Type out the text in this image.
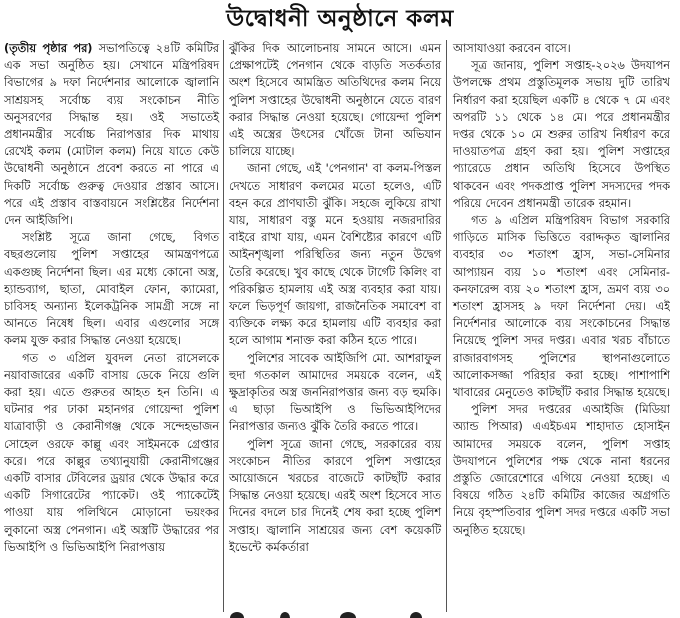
উদ্বোধনী অনুষ্ঠানে কলম

(তৃতীয় পৃষ্ঠার পর) সভাপতিত্বে ২৪টি কমিটির এক সভা অনুষ্ঠিত হয়। সেখানে মন্ত্রিপরিষদ বিভাগের ৯ দফা নির্দেশনার আলোকে জ্বালানি সাশ্রয়সহ সর্বোচ্চ ব্যয় সংকোচন নীতি অনুসরণের সিদ্ধান্ত হয়। ওই সভাতেই প্রধানমন্ত্রীর সর্বোচ্চ নিরাপত্তার দিক মাথায় রেখেই কলম (মোটাল কলম) নিয়ে যাতে কেউ উদ্বোধনী অনুষ্ঠানে প্রবেশ করতে না পারে এ দিকটি সর্বোচ্চ গুরুত্ব দেওয়ার প্রস্তাব আসে। পরে এই প্রস্তাব বাস্তবায়নে সংশ্লিষ্টের নির্দেশনা দেন আইজিপি।

সংশ্লিষ্ট সূত্রে জানা গেছে, বিগত বছরগুলোয় পুলিশ সপ্তাহের আমন্ত্রণপত্রে একগুচ্ছ নির্দেশনা ছিল। এর মধ্যে কোনো অস্ত্র, হ্যান্ডব্যাগ, ছাতা, মোবাইল ফোন, ক্যামেরা, চাবিসহ অন্যান্য ইলেকট্রনিক সামগ্রী সঙ্গে না আনতে নিষেধ ছিল। এবার এগুলোর সঙ্গে কলম যুক্ত করার সিদ্ধান্ত নেওয়া হয়েছে।

গত ৩ এপ্রিল যুবদল নেতা রাসেলকে নয়াবাজারের একটি বাসায় ডেকে নিয়ে গুলি করা হয়। এতে গুরুতর আহত হন তিনি। এ ঘটনার পর ঢাকা মহানগর গোয়েন্দা পুলিশ যাত্রাবাড়ী ও কেরানীগঞ্জ থেকে সন্দেহভাজন সোহেল ওরফে কাল্লু এবং সাইমনকে গ্রেপ্তার করে। পরে কাল্লুর তথ্যানুযায়ী কেরানীগঞ্জের একটি বাসার টেবিলের ড্রয়ার থেকে উদ্ধার করে একটি সিগারেটের প্যাকেট। ওই প্যাকেটেই পাওয়া যায় পলিথিনে মোড়ানো ভয়ংকর লুকানো অস্ত্র পেনগান। এই অস্ত্রটি উদ্ধারের পর ভিআইপি ও ভিভিআইপি নিরাপত্তায়

ঝুঁকির দিক আলোচনায় সামনে আসে। এমন প্রেক্ষাপটেই পেনগান থেকে বাড়তি সতর্কতার অংশ হিসেবে আমন্ত্রিত অতিথিদের কলম নিয়ে পুলিশ সপ্তাহের উদ্বোধনী অনুষ্ঠানে যেতে বারণ করার সিদ্ধান্ত নেওয়া হয়েছে। গোয়েন্দা পুলিশ এই অস্ত্রের উৎসের খোঁজে টানা অভিযান চালিয়ে যাচ্ছে।

জানা গেছে, এই 'পেনগান' বা কলম-পিস্তল দেখতে সাধারণ কলমের মতো হলেও, এটি বহন করে প্রাণঘাতী ঝুঁকি। সহজে লুকিয়ে রাখা যায়, সাধারণ বস্তু মনে হওয়ায় নজরদারির বাইরে রাখা যায়, এমন বৈশিষ্ট্যের কারণে এটি আইনশৃঙ্খলা পরিস্থিতির জন্য নতুন উদ্বেগ তৈরি করেছে। খুব কাছে থেকে টার্গেট কিলিং বা পরিকল্পিত হামলায় এই অস্ত্র ব্যবহার করা যায়। ফলে ভিড়পূর্ণ জায়গা, রাজনৈতিক সমাবেশ বা ব্যক্তিকে লক্ষ্য করে হামলায় এটি ব্যবহার করা হলে আগাম শনাক্ত করা কঠিন হতে পারে।

পুলিশের সাবেক আইজিপি মো. আশরাফুল হুদা গতকাল আমাদের সময়কে বলেন, এই ক্ষুদ্রাকৃতির অস্ত্র জননিরাপত্তার জন্য বড় হুমকি। এ ছাড়া ভিআইপি ও ভিভিআইপিদের নিরাপত্তার জন্যও ঝুঁকি তৈরি করতে পারে।

পুলিশ সূত্রে জানা গেছে, সরকারের ব্যয় সংকোচন নীতির কারণে পুলিশ সপ্তাহের আয়োজনে খরচের বাজেটে কাটছাঁট করার সিদ্ধান্ত নেওয়া হয়েছে। এরই অংশ হিসেবে সাত দিনের বদলে চার দিনেই শেষ করা হচ্ছে পুলিশ সপ্তাহ। জ্বালানি সাশ্রয়ের জন্য বেশ কয়েকটি ইভেন্টে কর্মকর্তারা

আসাযাওয়া করবেন বাসে।

সূত্র জানায়, পুলিশ সপ্তাহ-২০২৬ উদযাপন উপলক্ষে প্রথম প্রস্তুতিমূলক সভায় দুটি তারিখ নির্ধারণ করা হয়েছিল একটি ৪ থেকে ৭ মে এবং অপরটি ১১ থেকে ১৪ মে। পরে প্রধানমন্ত্রীর দপ্তর থেকে ১০ মে শুরুর তারিখ নির্ধারণ করে দাওয়াতপত্র গ্রহণ করা হয়। পুলিশ সপ্তাহের প্যারেডে প্রধান অতিথি হিসেবে উপস্থিত থাকবেন এবং পদকপ্রাপ্ত পুলিশ সদস্যদের পদক পরিয়ে দেবেন প্রধানমন্ত্রী তারেক রহমান।

গত ৯ এপ্রিল মন্ত্রিপরিষদ বিভাগ সরকারি গাড়িতে মাসিক ভিত্তিতে বরাদ্দকৃত জ্বালানির ব্যবহার ৩০ শতাংশ হ্রাস, সভা-সেমিনার আপ্যায়ন ব্যয় ১০ শতাংশ এবং সেমিনার-কনফারেন্স ব্যয় ২০ শতাংশ হ্রাস, ভ্রমণ ব্যয় ৩০ শতাংশ হ্রাসসহ ৯ দফা নির্দেশনা দেয়। এই নির্দেশনার আলোকে ব্যয় সংকোচনের সিদ্ধান্ত নিয়েছে পুলিশ সদর দপ্তর। এবার খরচ বাঁচাতে রাজারবাগসহ পুলিশের স্থাপনাগুলোতে আলোকসজ্জা পরিহার করা হচ্ছে। পাশাপাশি খাবারের মেনুতেও কাটছাঁট করার সিদ্ধান্ত হয়েছে।

পুলিশ সদর দপ্তরের এআইজি (মিডিয়া অ্যান্ড পিআর) এএইচএম শাহাদাত হোসাইন আমাদের সময়কে বলেন, পুলিশ সপ্তাহ উদযাপনে পুলিশের পক্ষ থেকে নানা ধরনের প্রস্তুতি জোরেশোরে এগিয়ে নেওয়া হচ্ছে। এ বিষয়ে গঠিত ২৪টি কমিটির কাজের অগ্রগতি নিয়ে বৃহস্পতিবার পুলিশ সদর দপ্তরে একটি সভা অনুষ্ঠিত হয়েছে।
